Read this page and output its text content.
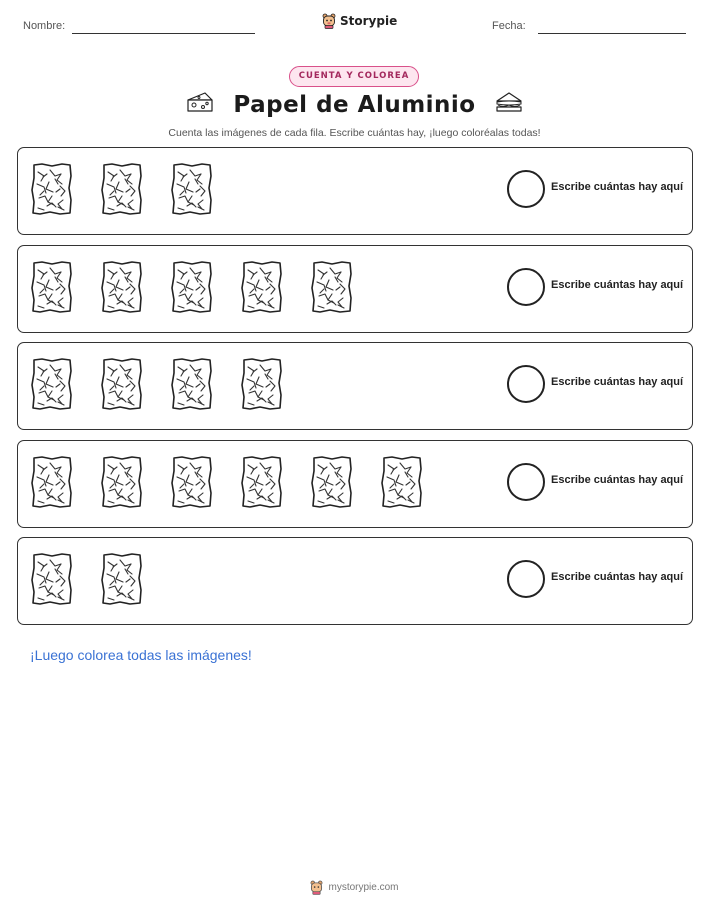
Nombre:	Storypie	Fecha:
CUENTA Y COLOREA
Papel de Aluminio
Cuenta las imágenes de cada fila. Escribe cuántas hay, ¡luego coloréalas todas!
Escribe cuántas hay aquí
Escribe cuántas hay aquí
Escribe cuántas hay aquí
Escribe cuántas hay aquí
Escribe cuántas hay aquí
¡Luego colorea todas las imágenes!
mystorypie.com
